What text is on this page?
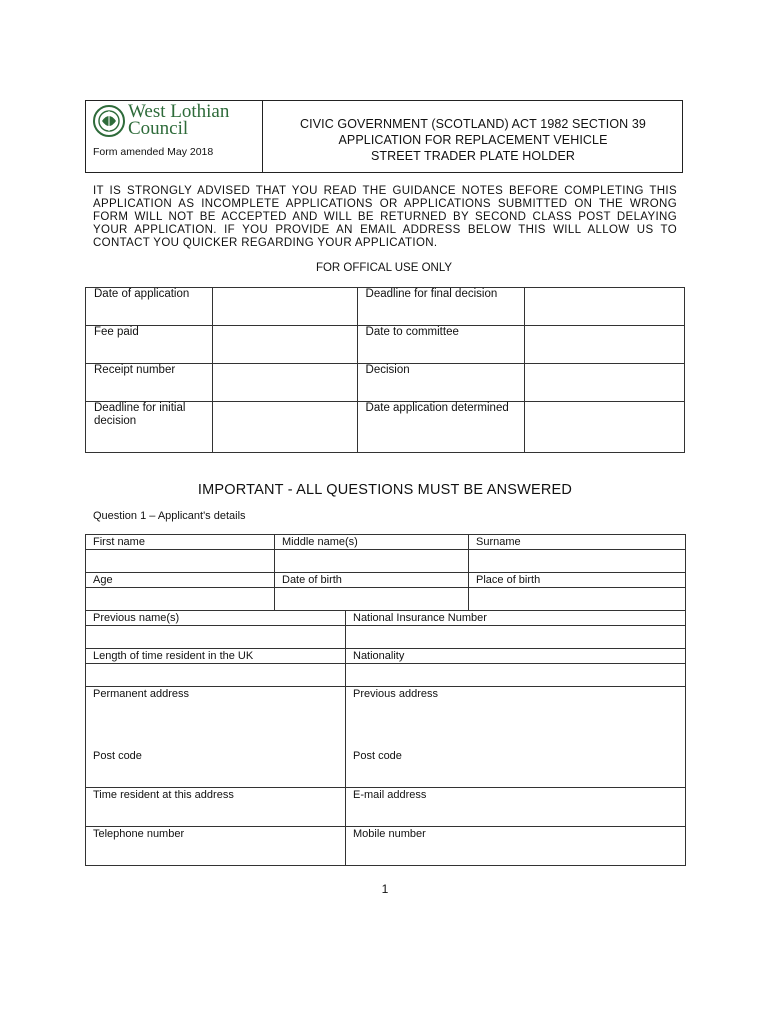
West Lothian
Council
Form amended May 2018
CIVIC GOVERNMENT (SCOTLAND) ACT 1982 SECTION 39
APPLICATION FOR REPLACEMENT VEHICLE
STREET TRADER PLATE HOLDER
IT IS STRONGLY ADVISED THAT YOU READ THE GUIDANCE NOTES BEFORE COMPLETING THIS APPLICATION AS INCOMPLETE APPLICATIONS OR APPLICATIONS SUBMITTED ON THE WRONG FORM WILL NOT BE ACCEPTED AND WILL BE RETURNED BY SECOND CLASS POST DELAYING YOUR APPLICATION. IF YOU PROVIDE AN EMAIL ADDRESS BELOW THIS WILL ALLOW US TO CONTACT YOU QUICKER REGARDING YOUR APPLICATION.
FOR OFFICAL USE ONLY
Date of application		Deadline for final decision	
Fee paid		Date to committee	
Receipt number		Decision	
Deadline for initial decision		Date application determined	
IMPORTANT - ALL QUESTIONS MUST BE ANSWERED
Question 1 – Applicant's details
First name	Middle name(s)		Surname

Age	Date of birth		Place of birth

Previous name(s)		National Insurance Number	

Length of time resident in the UK		Nationality	

Permanent address		Previous address	
Post code		Post code	
Time resident at this address		E-mail address	
Telephone number		Mobile number	
1
